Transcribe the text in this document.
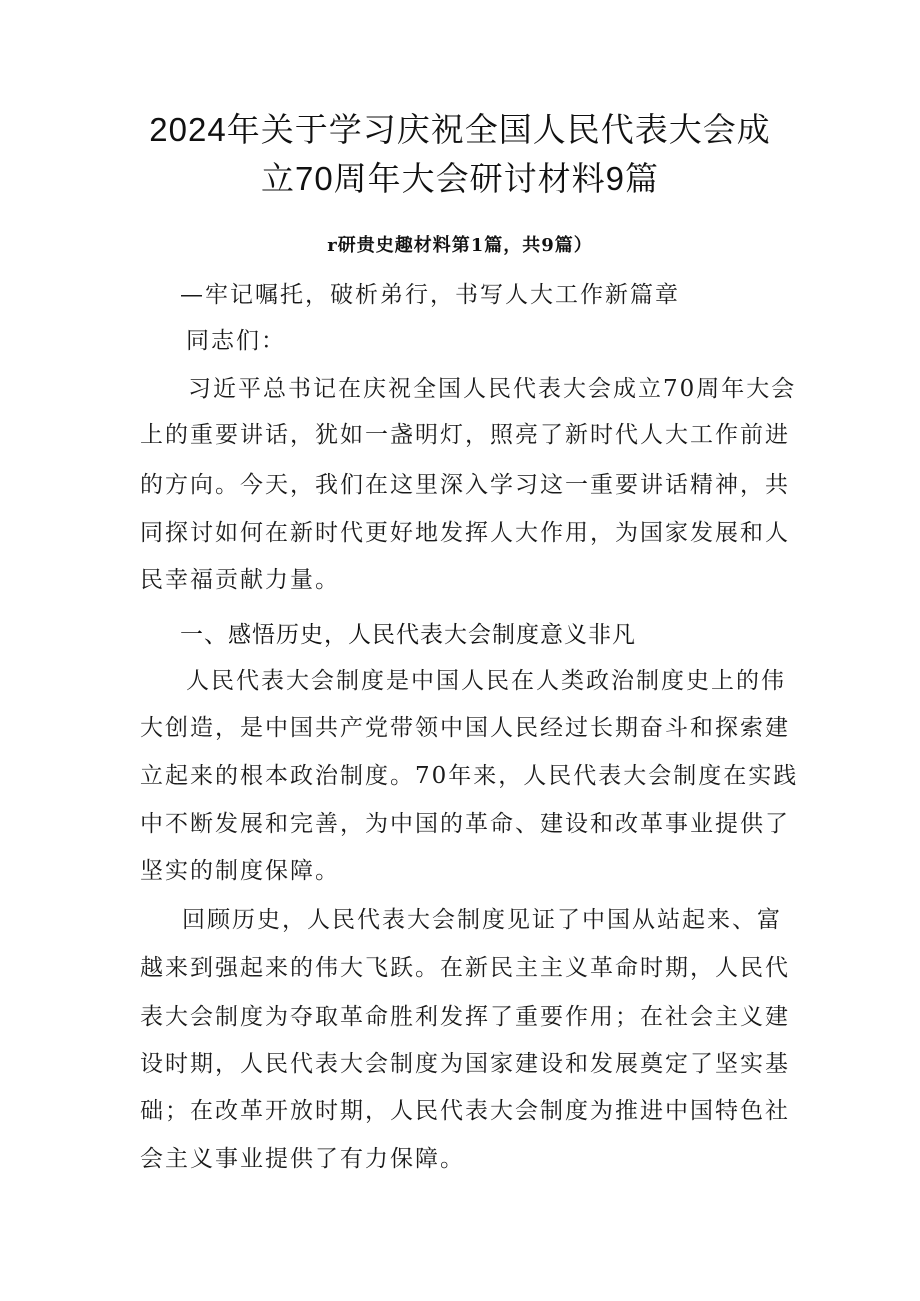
2024年关于学习庆祝全国人民代表大会成
立70周年大会研讨材料9篇
r研贵史趣材料第1篇，共9篇）
—牢记嘱托，破析弟行，书写人大工作新篇章
同志们：
习近平总书记在庆祝全国人民代表大会成立70周年大会
上的重要讲话，犹如一盏明灯，照亮了新时代人大工作前进
的方向。今天，我们在这里深入学习这一重要讲话精神，共
同探讨如何在新时代更好地发挥人大作用，为国家发展和人
民幸福贡献力量。
一、感悟历史，人民代表大会制度意义非凡
人民代表大会制度是中国人民在人类政治制度史上的伟
大创造，是中国共产党带领中国人民经过长期奋斗和探索建
立起来的根本政治制度。70年来，人民代表大会制度在实践
中不断发展和完善，为中国的革命、建设和改革事业提供了
坚实的制度保障。
回顾历史，人民代表大会制度见证了中国从站起来、富
越来到强起来的伟大飞跃。在新民主主义革命时期，人民代
表大会制度为夺取革命胜利发挥了重要作用；在社会主义建
设时期，人民代表大会制度为国家建设和发展奠定了坚实基
础；在改革开放时期，人民代表大会制度为推进中国特色社
会主义事业提供了有力保障。
